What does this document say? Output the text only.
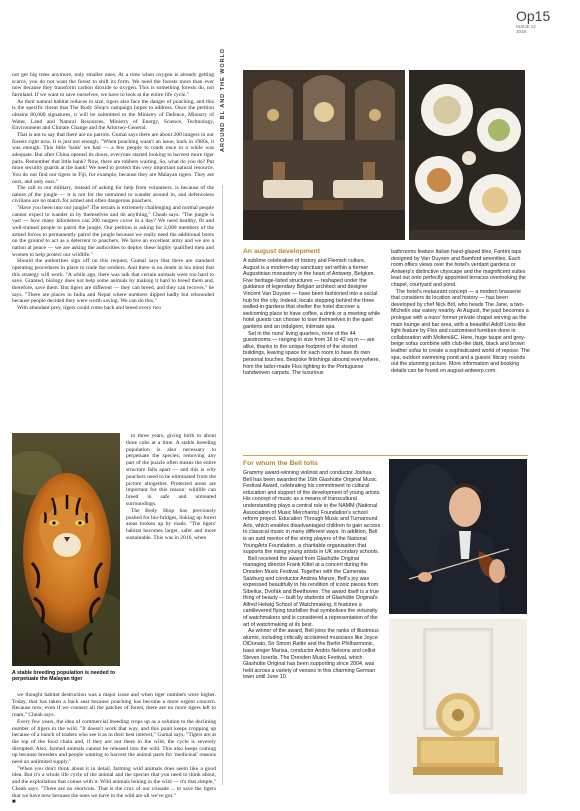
Op15
ISSUE 12
2018
AROUND BL AND THE WORLD

not get big trees anymore, only smaller ones. At a time when oxygen is already getting scarce, you do not want the forest to shift its form. We need the forests more than ever now because they transform carbon dioxide to oxygen. This is something forests do, not farmland. If we want to save ourselves, we have to look at the entire life cycle."

As their natural habitat reduces in size, tigers also face the danger of poaching, and this is the specific threat that The Body Shop's campaign hopes to address. Once the petition obtains 80,000 signatures, it will be submitted to the Ministry of Defence, Ministry of Water, Land and Natural Resources, Ministry of Energy, Science, Technology, Environment and Climate Change and the Attorney-General.

That is not to say that there are no patrols. Gumal says there are about 200 rangers in our forests right now. It is just not enough. "When poaching wasn't an issue, back in 1980s, it was enough. This little 'bank' we had — a few people to roads once in a while was adequate. But after China opened its doors, everyone started looking to harvest more tiger parts. Remember that little bank? Now, there are robbers waiting. So, what do you do? Put more security guards at the bank! We need to protect this very important natural resource. You do not find our tigers in Fiji, for example, because they are Malayan tigers. They are ours, and only ours."

The call to our military, instead of asking for help from volunteers, is because of the nature of the jungle — it is not for the untrained to wander around in, and defenceless civilians are no match for armed and often dangerous poachers.

"Have you been into our jungle? The terrain is extremely challenging and normal people cannot expect to wander in by themselves and do anything," Cheah says. "The jungle is vast — how many kilometres can 200 rangers cover in a day? We need healthy, fit and well-trained people to patrol the jungle. Our petition is asking for 2,000 members of the armed forces to permanently patrol the jungle because we really need the additional boots on the ground to act as a deterrent to poachers. We have an excellent army and we are a nation at peace — we are asking the authorities to deploy these highly qualified men and women to help protect our wildlife."

Should the authorities sign off on this request, Gumal says that there are standard operating procedures in place to trade the soldiers. And there is no doubt in his mind that this strategy will work. "A while ago, there was talk that certain animals were too hard to save. Granted, biology does not help some animals by making it hard to breed them and, therefore, save them. But tigers are different — they can breed, and they can recover," he says. "There are places in India and Nepal where numbers dipped badly but rebounded because people decided they were worth saving. We can do this."

With abundant prey, tigers could come back and breed every two

A stable breeding population is needed to perpetuate the Malayan tiger

to three years, giving birth to about three cubs at a time. A stable breeding population is also necessary to perpetuate the species; removing any part of the puzzle often means the entire structure falls apart — and this is why poachers need to be eliminated from the picture altogether. Protected areas are important for this reason: wildlife can breed in safe and untreated surroundings.

The Body Shop has previously pushed for bio-bridges, linking up forest areas broken up by roads. "The tigers' habitat becomes larger, safer and more sustainable. This was in 2016, when

we thought habitat destruction was a major issue and when tiger numbers were higher. Today, that has taken a back seat because poaching has become a more urgent concern. Because now, even if we connect all the patches of forest, there are no more tigers left to roam," Cheah says.

Every few years, the idea of commercial breeding crops up as a solution to the declining number of tigers in the wild. "It doesn't work that way, and this point keeps cropping up because of a bunch of traders who see it as in their best interest," Gumal says. "Tigers are at the top of the food chain and, if they are not there in the wild, the cycle is severely disrupted. Also, farmed animals cannot be released into the wild. This also keeps coming up because breeders and people wanting to harvest the animal parts for 'medicinal' reasons need an unlimited supply."

"When you don't think about it in detail, farming wild animals does seem like a good idea. But it's a whole life cycle of the animal and the species that you need to think about, and the exploitation that comes with it. Wild animals belong in the wild — it's that simple," Cheah says. "There are no shortcuts. That is the crux of our crusade ... to save the tigers that we have now because the ones we have in the wild are all we've got."

■
An august development

A sublime celebration of history and Flemish culture, August is a modern-day sanctuary set within a former Augustinian monastery in the heart of Antwerp, Belgium. Five heritage-listed structures — reshaped under the guidance of legendary Belgian architect and designer Vincent Van Duysen — have been fashioned into a social hub for the city. Indeed, locals stepping behind the three walled-in gardens that shelter the hotel discover a welcoming place to have coffee, a drink or a meeting while hotel guests can choose to lose themselves in the quiet gardens and an indulgent, intimate spa.

Set in the nuns' living quarters, none of the 44 guestrooms — ranging in size from 16 to 42 sq m — are alike, thanks to the unique footprint of the storied buildings, leaving space for each room to have its own personal touches. Bespoke finishings abound everywhere, from the tailor-made Flos lighting to the Portuguese handwoven carpets. The luxurious

bathrooms feature Italian hand-glazed tiles, Fantini taps designed by Van Duysen and Bamford amenities. Each room offers views over the hotel's verdant gardens or Antwerp's distinctive cityscape and the magnificent suites lead out onto perfectly appointed terraces overlooking the chapel, courtyard and pond.

The hotel's restaurant concept — a modern brasserie that considers its location and history — has been developed by chef Nick Bril, who heads The Jane, a two-Michelin star eatery nearby. At August, the past becomes a prologue with a nuns' former private chapel serving as the main lounge and bar area, with a beautiful Adolf Loos-like light feature by Flos and customised furniture done in collaboration with Molteni&C. Here, huge taupe and grey-beige sofas combine with club-like dark, black and brown leather sofas to create a sophisticated world of repose. The spa, outdoor swimming pond and a guests' library rounds out the stunning picture. More information and booking details can be found on august-antwerp.com.

For whom the Bell tolls

Grammy award-winning violinist and conductor Joshua Bell has been awarded the 16th Glashütte Original Music Festival Award, celebrating his commitment to cultural education and support of the development of young artists. His concept of music as a means of transcultural understanding plays a central role in the NAMM (National Association of Music Merchants) Foundation's school reform project. Education Through Music and Turnaround Arts, which enables disadvantaged children to gain access to classical music in many different ways. In addition, Bell is an avid mentor of the string players of the National YoungArts Foundation, a charitable organisation that supports the rising young artists in UK secondary schools.

Bell received the award from Glashütte Original managing director Frank Kittel at a concert during the Dresden Music Festival. Together with the Camerata Salzburg and conductor Andrea Manze, Bell's joy was expressed beautifully in his rendition of iconic pieces from Sibelius, Dvořák and Beethoven. The award itself is a true thing of beauty — built by students of Glashütte Original's Alfred Helwig School of Watchmaking, it features a cantilevered flying tourbillon that symbolises the virtuosity of watchmakers and is considered a representation of the art of watchmaking at its best.

As winner of the award, Bell joins the ranks of illustrious alumni, including critically acclaimed musicians like Joyce DiDonato, Sir Simon Rattle and the Berlin Philharmonic, bass singer Marisa, conductor Andris Nelsons and cellist Steven Isserlis. The Dresden Music Festival, which Glashütte Original has been supporting since 2004, was held across a variety of venues in this charming German town until June 10.
